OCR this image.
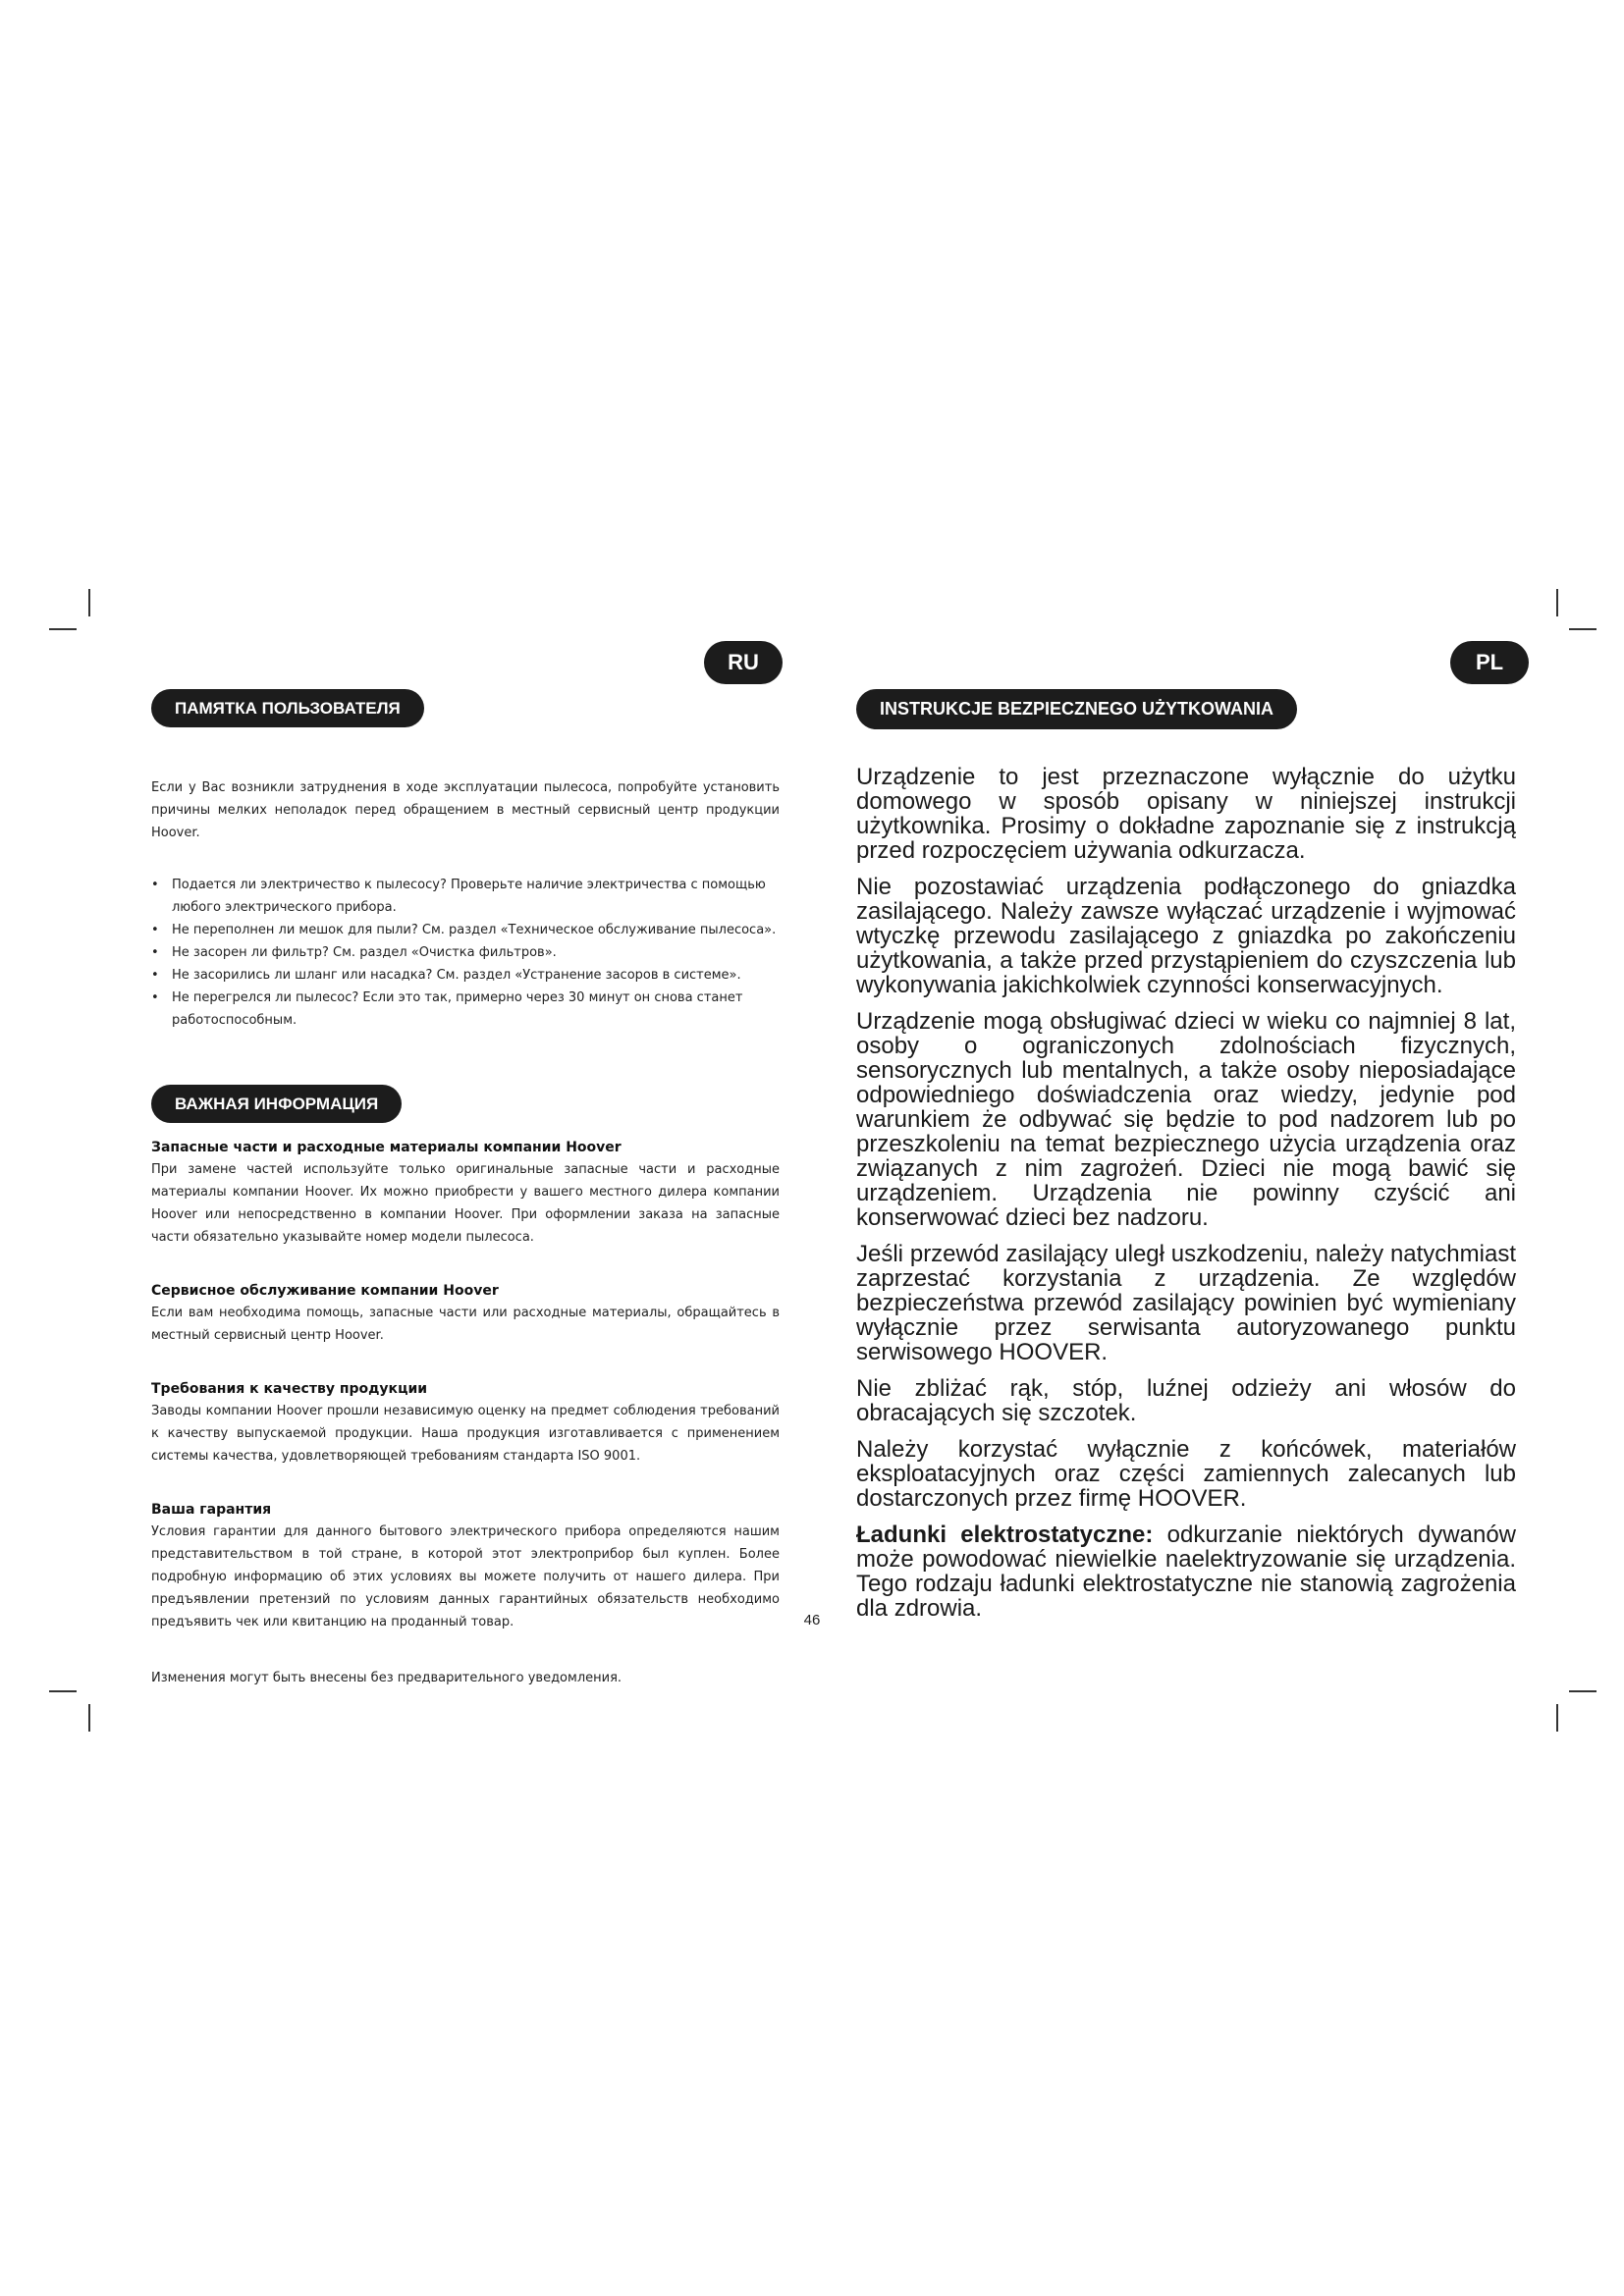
RU	PL
ПАМЯТКА ПОЛЬЗОВАТЕЛЯ

Если у Вас возникли затруднения в ходе эксплуатации пылесоса, попробуйте установить причины мелких неполадок перед обращением в местный сервисный центр продукции Hoover.

• Подается ли электричество к пылесосу? Проверьте наличие электричества с помощью любого электрического прибора.
• Не переполнен ли мешок для пыли? См. раздел «Техническое обслуживание пылесоса».
• Не засорен ли фильтр? См. раздел «Очистка фильтров».
• Не засорились ли шланг или насадка? См. раздел «Устранение засоров в системе».
• Не перегрелся ли пылесос? Если это так, примерно через 30 минут он снова станет работоспособным.
ВАЖНАЯ ИНФОРМАЦИЯ
Запасные части и расходные материалы компании Hoover

При замене частей используйте только оригинальные запасные части и расходные материалы компании Hoover. Их можно приобрести у вашего местного дилера компании Hoover или непосредственно в компании Hoover. При оформлении заказа на запасные части обязательно указывайте номер модели пылесоса.

Сервисное обслуживание компании Hoover

Если вам необходима помощь, запасные части или расходные материалы, обращайтесь в местный сервисный центр Hoover.

Требования к качеству продукции

Заводы компании Hoover прошли независимую оценку на предмет соблюдения требований к качеству выпускаемой продукции. Наша продукция изготавливается с применением системы качества, удовлетворяющей требованиям стандарта ISO 9001.

Ваша гарантия

Условия гарантии для данного бытового электрического прибора определяются нашим представительством в той стране, в которой этот электроприбор был куплен. Более подробную информацию об этих условиях вы можете получить от нашего дилера. При предъявлении претензий по условиям данных гарантийных обязательств необходимо предъявить чек или квитанцию на проданный товар.

Изменения могут быть внесены без предварительного уведомления.

INSTRUKCJE BEZPIECZNEGO UŻYTKOWANIA

Urządzenie to jest przeznaczone wyłącznie do użytku domowego w sposób opisany w niniejszej instrukcji użytkownika. Prosimy o dokładne zapoznanie się z instrukcją przed rozpoczęciem używania odkurzacza.

Nie pozostawiać urządzenia podłączonego do gniazdka zasilającego. Należy zawsze wyłączać urządzenie i wyjmować wtyczkę przewodu zasilającego z gniazdka po zakończeniu użytkowania, a także przed przystąpieniem do czyszczenia lub wykonywania jakichkolwiek czynności konserwacyjnych.

Urządzenie mogą obsługiwać dzieci w wieku co najmniej 8 lat, osoby o ograniczonych zdolnościach fizycznych, sensorycznych lub mentalnych, a także osoby nieposiadające odpowiedniego doświadczenia oraz wiedzy, jedynie pod warunkiem że odbywać się będzie to pod nadzorem lub po przeszkoleniu na temat bezpiecznego użycia urządzenia oraz związanych z nim zagrożeń. Dzieci nie mogą bawić się urządzeniem. Urządzenia nie powinny czyścić ani konserwować dzieci bez nadzoru.

Jeśli przewód zasilający uległ uszkodzeniu, należy natychmiast zaprzestać korzystania z urządzenia. Ze względów bezpieczeństwa przewód zasilający powinien być wymieniany wyłącznie przez serwisanta autoryzowanego punktu serwisowego HOOVER.

Nie zbliżać rąk, stóp, luźnej odzieży ani włosów do obracających się szczotek.

Należy korzystać wyłącznie z końcówek, materiałów eksploatacyjnych oraz części zamiennych zalecanych lub dostarczonych przez firmę HOOVER.

Ładunki elektrostatyczne: odkurzanie niektórych dywanów może powodować niewielkie naelektryzowanie się urządzenia. Tego rodzaju ładunki elektrostatyczne nie stanowią zagrożenia dla zdrowia.

46
